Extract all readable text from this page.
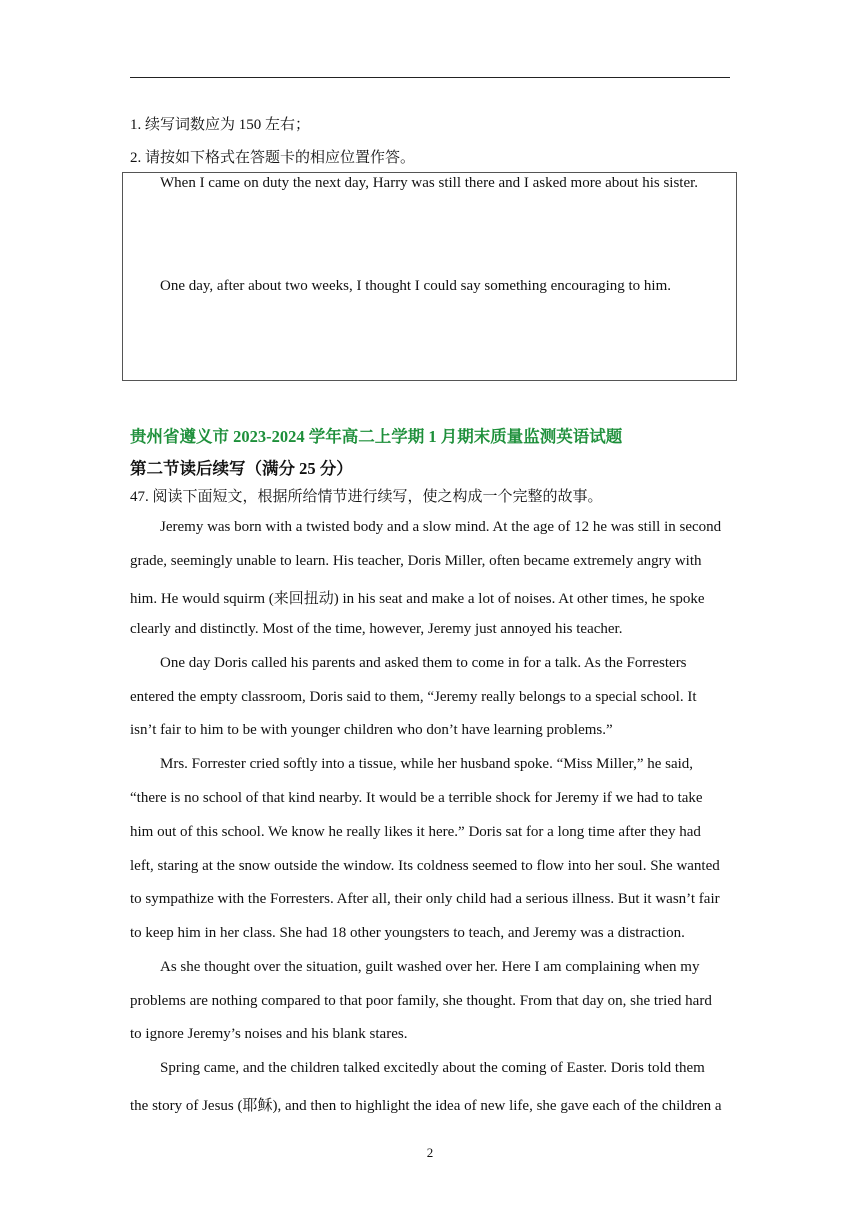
1. 续写词数应为 150 左右；
2. 请按如下格式在答题卡的相应位置作答。
When I came on duty the next day, Harry was still there and I asked more about his sister.
One day, after about two weeks, I thought I could say something encouraging to him.
贵州省遵义市 2023-2024 学年高二上学期 1 月期末质量监测英语试题
第二节读后续写（满分 25 分）
47. 阅读下面短文，根据所给情节进行续写，使之构成一个完整的故事。
Jeremy was born with a twisted body and a slow mind. At the age of 12 he was still in second
grade, seemingly unable to learn. His teacher, Doris Miller, often became extremely angry with
him. He would squirm (来回扭动) in his seat and make a lot of noises. At other times, he spoke
clearly and distinctly. Most of the time, however, Jeremy just annoyed his teacher.
One day Doris called his parents and asked them to come in for a talk. As the Forresters
entered the empty classroom, Doris said to them, “Jeremy really belongs to a special school. It
isn’t fair to him to be with younger children who don’t have learning problems.”
Mrs. Forrester cried softly into a tissue, while her husband spoke. “Miss Miller,” he said,
“there is no school of that kind nearby. It would be a terrible shock for Jeremy if we had to take
him out of this school. We know he really likes it here.” Doris sat for a long time after they had
left, staring at the snow outside the window. Its coldness seemed to flow into her soul. She wanted
to sympathize with the Forresters. After all, their only child had a serious illness. But it wasn’t fair
to keep him in her class. She had 18 other youngsters to teach, and Jeremy was a distraction.
As she thought over the situation, guilt washed over her. Here I am complaining when my
problems are nothing compared to that poor family, she thought. From that day on, she tried hard
to ignore Jeremy’s noises and his blank stares.
Spring came, and the children talked excitedly about the coming of Easter. Doris told them
the story of Jesus (耶稣), and then to highlight the idea of new life, she gave each of the children a
2
